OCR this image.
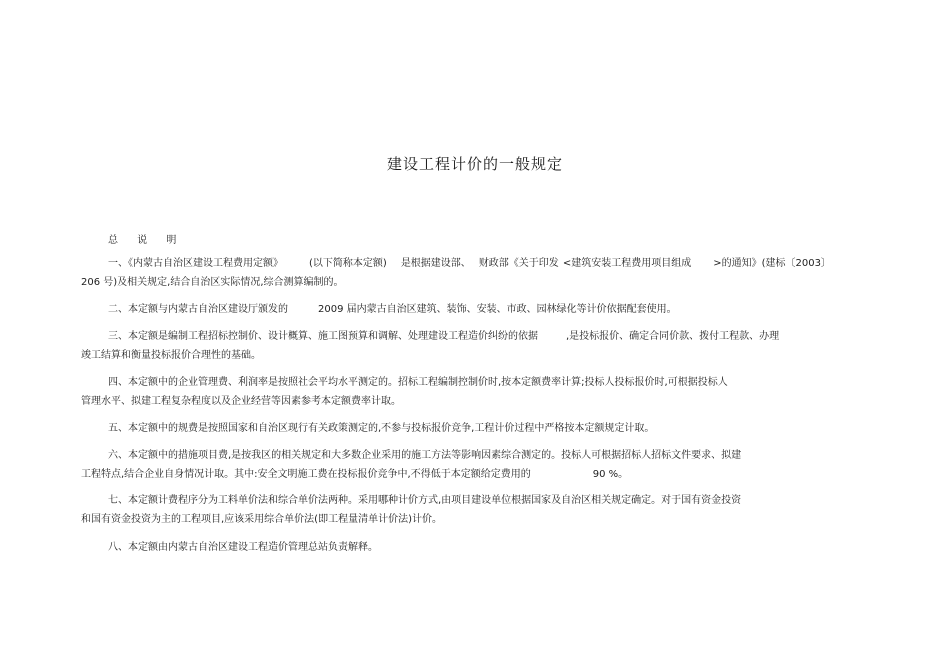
建设工程计价的一般规定
总 说 明
一、《内蒙古自治区建设工程费用定额》	(以下简称本定额) 是根据建设部、 财政部《关于印发 <建筑安装工程费用项目组成 >的通知》(建标〔2003〕
206 号)及相关规定,结合自治区实际情况,综合测算编制的。
二、本定额与内蒙古自治区建设厅颁发的	2009 届内蒙古自治区建筑、装饰、安装、市政、园林绿化等计价依据配套使用。
三、本定额是编制工程招标控制价、设计概算、施工图预算和调解、处理建设工程造价纠纷的依据	,是投标报价、确定合同价款、拨付工程款、办理
竣工结算和衡量投标报价合理性的基础。
四、本定额中的企业管理费、利润率是按照社会平均水平测定的。招标工程编制控制价时,按本定额费率计算;投标人投标报价时,可根据投标人
管理水平、拟建工程复杂程度以及企业经营等因素参考本定额费率计取。
五、本定额中的规费是按照国家和自治区现行有关政策测定的,不参与投标报价竞争,工程计价过程中严格按本定额规定计取。
六、本定额中的措施项目费,是按我区的相关规定和大多数企业采用的施工方法等影响因素综合测定的。投标人可根据招标人招标文件要求、拟建
工程特点,结合企业自身情况计取。其中:安全文明施工费在投标报价竞争中,不得低于本定额给定费用的	90 %。
七、本定额计费程序分为工料单价法和综合单价法两种。采用哪种计价方式,由项目建设单位根据国家及自治区相关规定确定。对于国有资金投资
和国有资金投资为主的工程项目,应该采用综合单价法(即工程量清单计价法)计价。
八、本定额由内蒙古自治区建设工程造价管理总站负责解释。
